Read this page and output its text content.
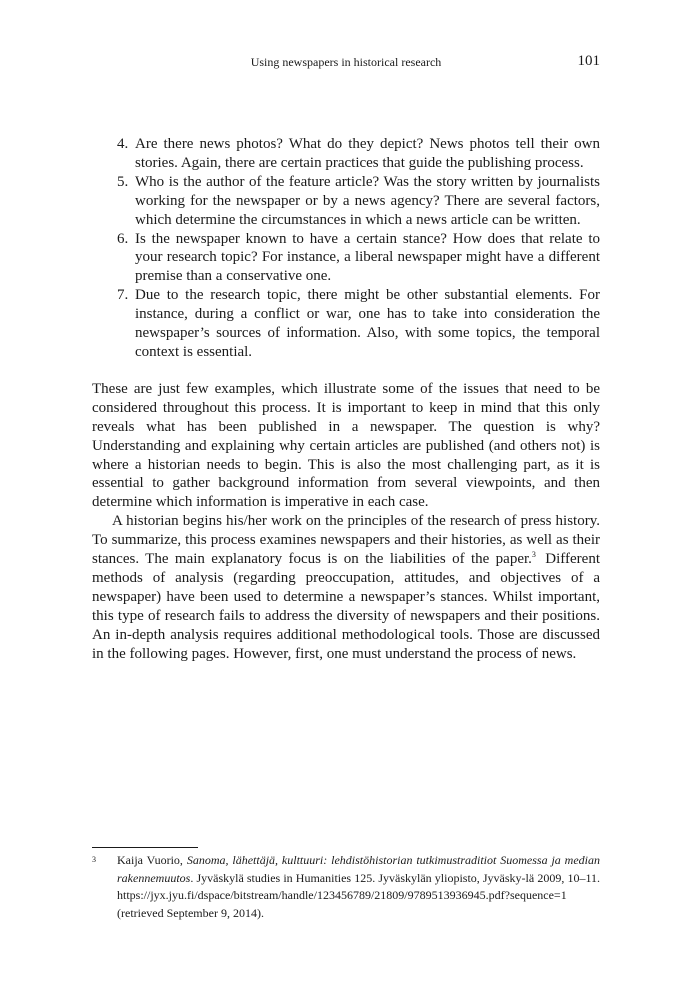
Using newspapers in historical research	101
4. Are there news photos? What do they depict? News photos tell their own stories. Again, there are certain practices that guide the publishing process.
5. Who is the author of the feature article? Was the story written by journalists working for the newspaper or by a news agency? There are several factors, which determine the circumstances in which a news article can be written.
6. Is the newspaper known to have a certain stance? How does that relate to your research topic? For instance, a liberal newspaper might have a different premise than a conservative one.
7. Due to the research topic, there might be other substantial elements. For instance, during a conflict or war, one has to take into consideration the newspaper’s sources of information. Also, with some topics, the temporal context is essential.

These are just few examples, which illustrate some of the issues that need to be considered throughout this process. It is important to keep in mind that this only reveals what has been published in a newspaper. The question is why? Understanding and explaining why certain articles are published (and others not) is where a historian needs to begin. This is also the most challenging part, as it is essential to gather background information from several viewpoints, and then determine which information is imperative in each case.

A historian begins his/her work on the principles of the research of press history. To summarize, this process examines newspapers and their histories, as well as their stances. The main explanatory focus is on the liabilities of the paper.$^3$ Different methods of analysis (regarding preoccupation, attitudes, and objectives of a newspaper) have been used to determine a newspaper’s stances. Whilst important, this type of research fails to address the diversity of newspapers and their positions. An in-depth analysis requires additional methodological tools. Those are discussed in the following pages. However, first, one must understand the process of news.

3 Kaija Vuorio, Sanoma, lähettäjä, kulttuuri: lehdistöhistorian tutkimustraditiot Suomessa ja median rakennemuutos. Jyväskylä studies in Humanities 125. Jyväskylän yliopisto, Jyväsky-lä 2009, 10–11. https://jyx.jyu.fi/dspace/bitstream/handle/123456789/21809/9789513936945.pdf?sequence=1 (retrieved September 9, 2014).
